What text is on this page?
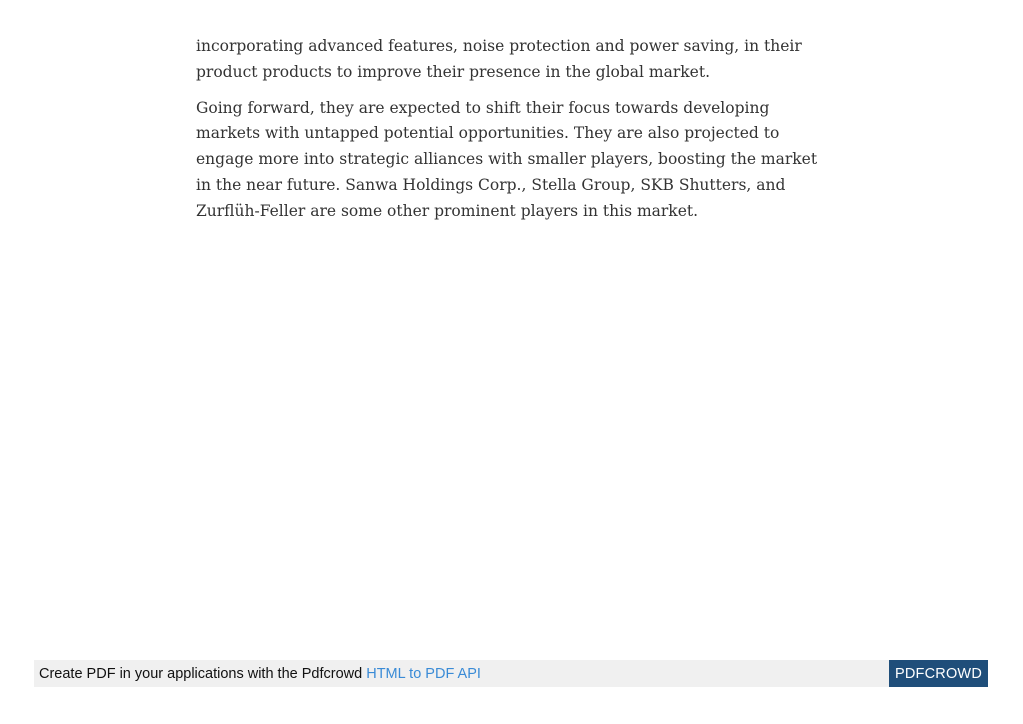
incorporating advanced features, noise protection and power saving, in their product products to improve their presence in the global market.

Going forward, they are expected to shift their focus towards developing markets with untapped potential opportunities. They are also projected to engage more into strategic alliances with smaller players, boosting the market in the near future. Sanwa Holdings Corp., Stella Group, SKB Shutters, and Zurflüh-Feller are some other prominent players in this market.

Create PDF in your applications with the Pdfcrowd HTML to PDF API	PDFCROWD
